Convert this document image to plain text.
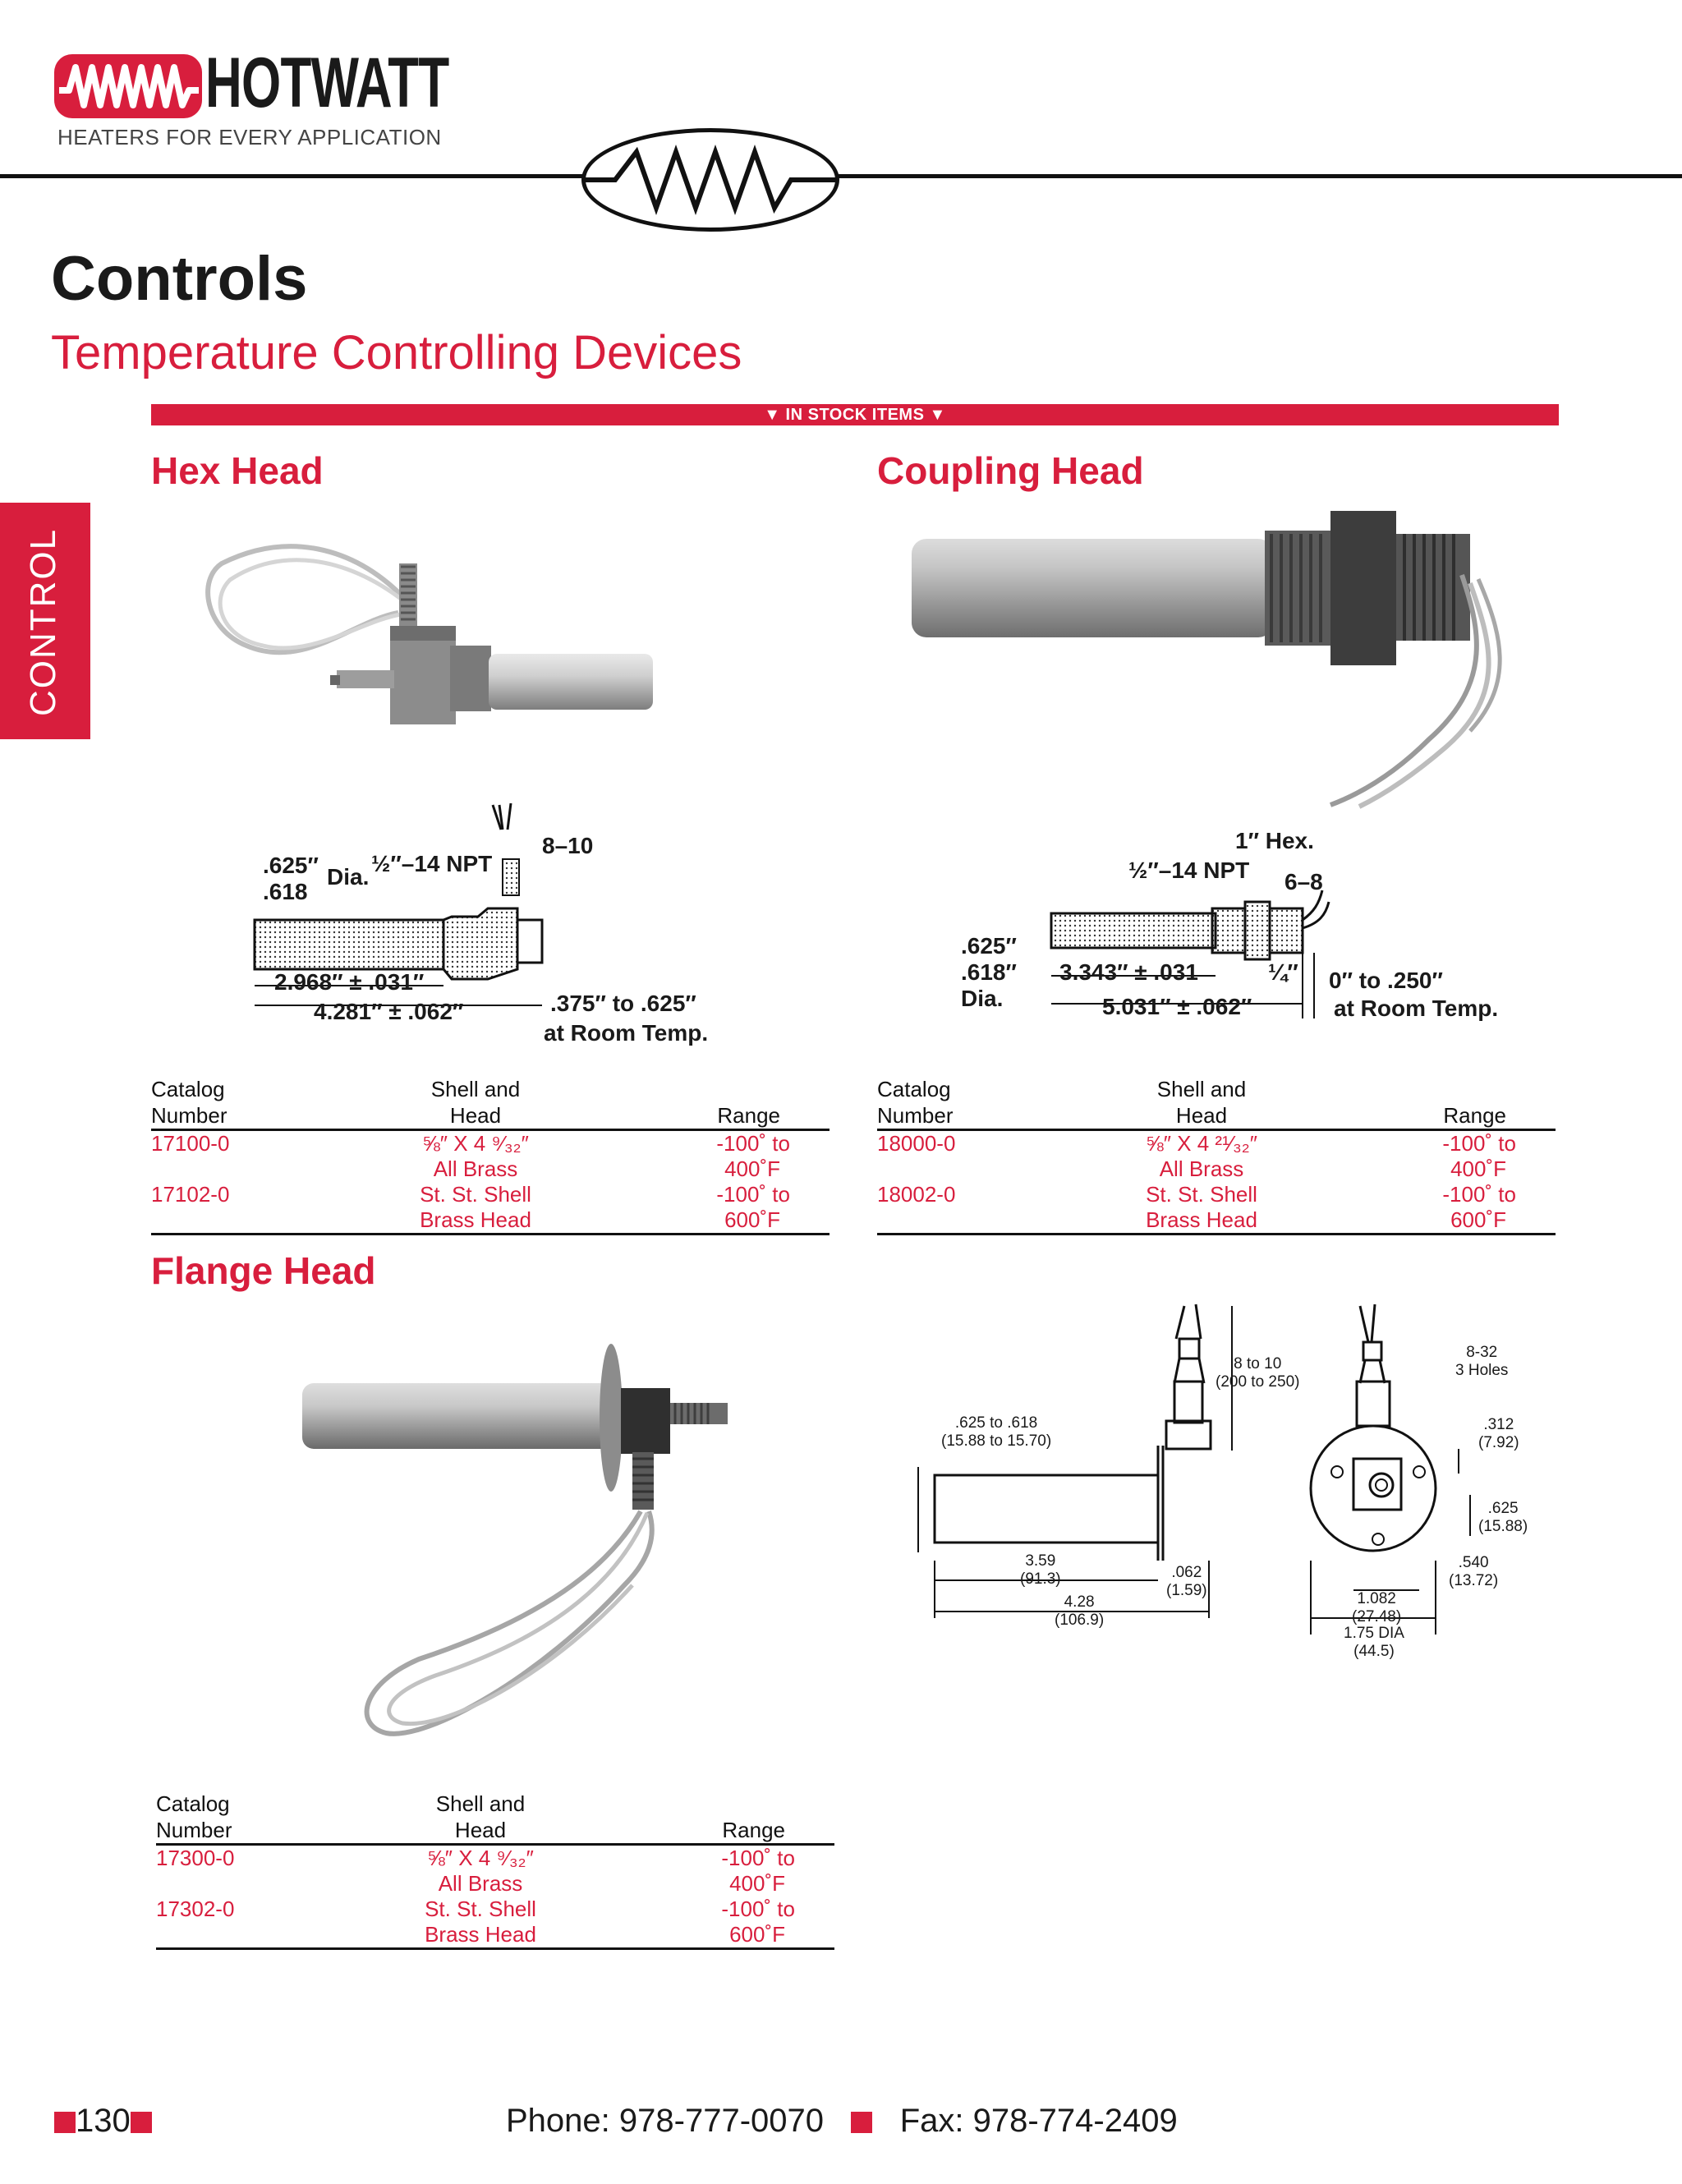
HOTWATT
HEATERS FOR EVERY APPLICATION
Controls
Temperature Controlling Devices
▼ IN STOCK ITEMS ▼
CONTROL
Hex Head
.625″
.618
Dia.
½″–14 NPT
8–10
2.968″ ± .031″
4.281″ ± .062″	.375″ to .625″
at Room Temp.
Catalog Number	Shell and Head	Range
17100-0	⅝″ X 4 ⁹⁄₃₂″	-100˚ to
	All Brass	400˚F
17102-0	St. St. Shell	-100˚ to
	Brass Head	600˚F
Coupling Head
1″ Hex.
½″–14 NPT 6–8
.625″
.618″
Dia.
3.343″ ± .031	¼″
5.031″ ± .062″
0″ to .250″
at Room Temp.
Catalog Number	Shell and Head	Range
18000-0	⅝″ X 4 ²¹⁄₃₂″	-100˚ to
	All Brass	400˚F
18002-0	St. St. Shell	-100˚ to
	Brass Head	600˚F
Flange Head
8 to 10
(200 to 250)
.625 to .618
(15.88 to 15.70)
3.59
(91.3)	.062
(1.59)
4.28
(106.9)
8-32
3 Holes
.312
(7.92)
.625
(15.88)
.540
(13.72)
1.082
(27.48)
1.75 DIA
(44.5)
Catalog Number	Shell and Head	Range
17300-0	⅝″ X 4 ⁹⁄₃₂″	-100˚ to
	All Brass	400˚F
17302-0	St. St. Shell	-100˚ to
	Brass Head	600˚F
130	Phone: 978-777-0070 Fax: 978-774-2409
